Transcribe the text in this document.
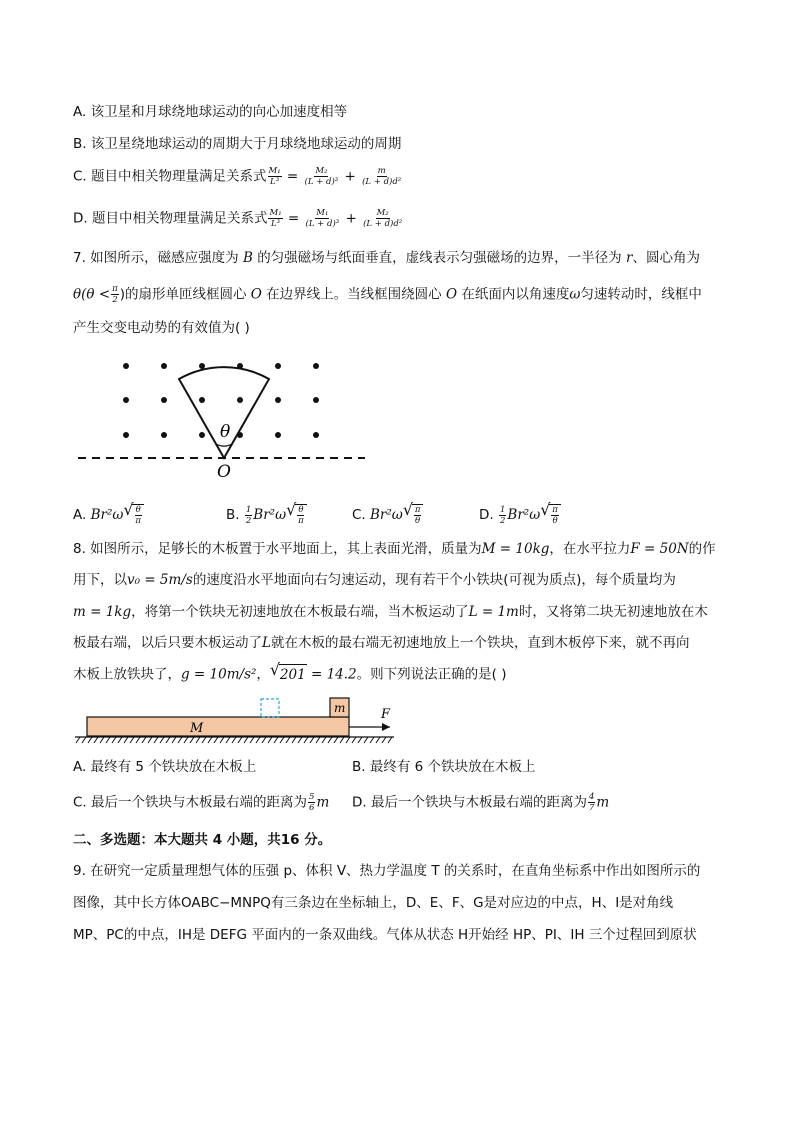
A. 该卫星和月球绕地球运动的向心加速度相等
B. 该卫星绕地球运动的周期大于月球绕地球运动的周期
C. 题目中相关物理量满足关系式 $\frac{\text{M₁}}{\text{L³}} = \frac{\text{M₂}}{\text{(L + d)³}} + \frac{m}{\text{(L + d)d²}}$
D. 题目中相关物理量满足关系式 $\frac{\text{M₁}}{\text{L³}} = \frac{\text{M₁}}{\text{(L + d)³}} + \frac{\text{M₂}}{\text{(L + d)d²}}$
7. 如图所示，磁感应强度为 B 的匀强磁场与纸面垂直，虚线表示匀强磁场的边界，一半径为 r、圆心角为
$\theta(\theta < \frac{\pi}{2}$ )的扇形单匝线框圆心 O 在边界线上。当线框围绕圆心 O 在纸面内以角速度ω匀速转动时，线框中
产生交变电动势的有效值为( )
θ
O
A. Br²ω √ $\frac{\theta}{\pi}$	B. $\frac{1}{2} Br^2\omega$ √ $\frac{\theta}{\pi}$	C. Br²ω √ $\frac{\pi}{\theta}$	D. $\frac{1}{2} Br^2\omega$ √ $\frac{\pi}{\theta}$
8. 如图所示，足够长的木板置于水平地面上，其上表面光滑，质量为M = 10kg，在水平拉力F = 50N的作
用下，以v₀ = 5m/s的速度沿水平地面向右匀速运动，现有若干个小铁块(可视为质点)，每个质量均为
m = 1kg，将第一个铁块无初速地放在木板最右端，当木板运动了L = 1m时，又将第二块无初速地放在木
板最右端，以后只要木板运动了L就在木板的最右端无初速地放上一个铁块，直到木板停下来，就不再向
木板上放铁块了，g = 10m/s²， √ 201 = 14.2。则下列说法正确的是( )
m
M
F
A. 最终有 5 个铁块放在木板上	B. 最终有 6 个铁块放在木板上
C. 最后一个铁块与木板最右端的距离为 $\frac{5}{6}$ m D. 最后一个铁块与木板最右端的距离为 $\frac{4}{7}$ m
二、多选题：本大题共 4 小题，共16 分。
9. 在研究一定质量理想气体的压强 p、体积 V、热力学温度 T 的关系时，在直角坐标系中作出如图所示的
图像，其中长方体OABC−MNPQ有三条边在坐标轴上，D、E、F、G是对应边的中点，H、I是对角线
MP、PC的中点，IH是 DEFG 平面内的一条双曲线。气体从状态 H开始经 HP、PI、IH 三个过程回到原状
